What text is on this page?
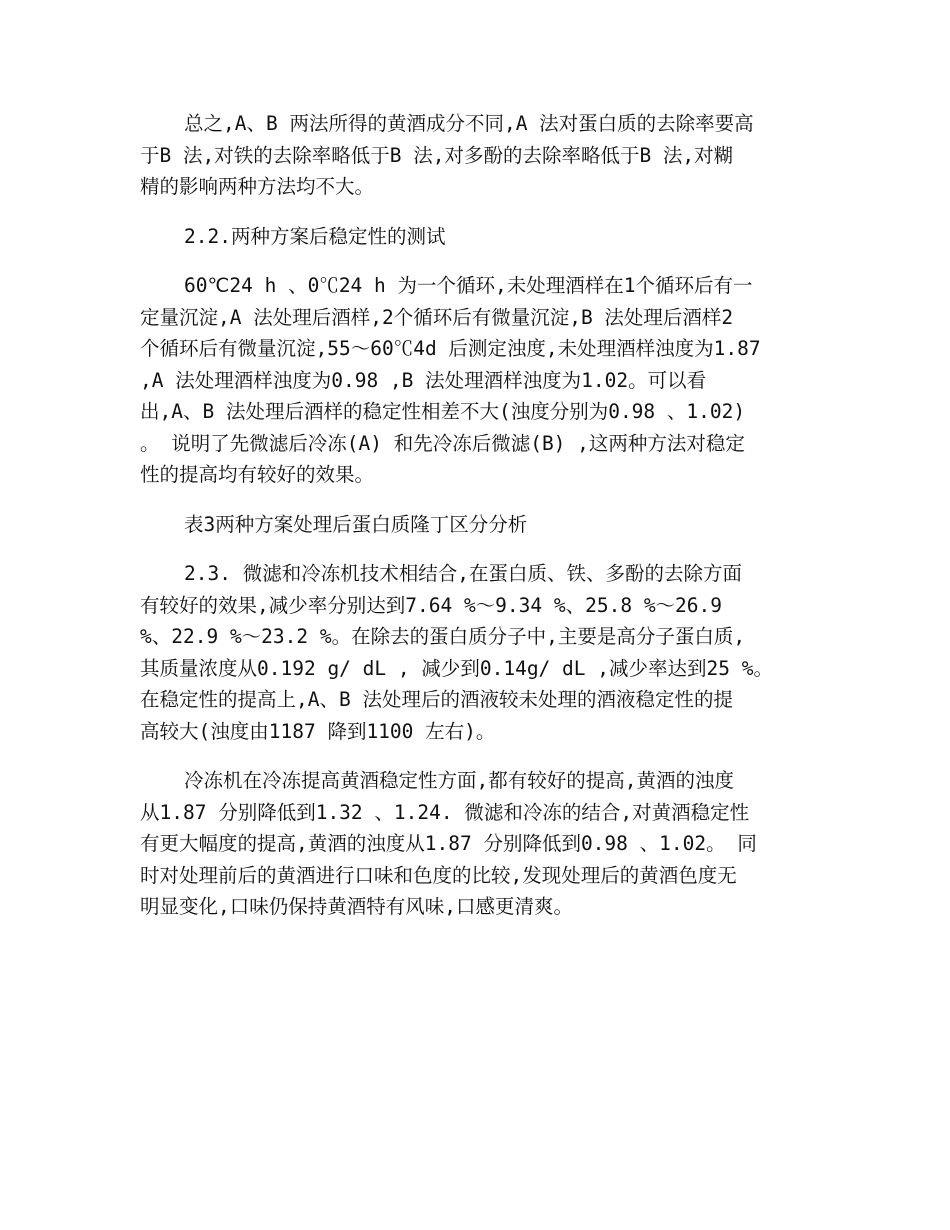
总之,A、B 两法所得的黄酒成分不同,A 法对蛋白质的去除率要高
于B 法,对铁的去除率略低于B 法,对多酚的去除率略低于B 法,对糊
精的影响两种方法均不大。
2.2.两种方案后稳定性的测试
60℃24 h 、0℃24 h 为一个循环,未处理酒样在1个循环后有一
定量沉淀,A 法处理后酒样,2个循环后有微量沉淀,B 法处理后酒样2
个循环后有微量沉淀,55～60℃4d 后测定浊度,未处理酒样浊度为1.87
,A 法处理酒样浊度为0.98 ,B 法处理酒样浊度为1.02。可以看
出,A、B 法处理后酒样的稳定性相差不大(浊度分别为0.98 、1.02)
。 说明了先微滤后冷冻(A) 和先冷冻后微滤(B) ,这两种方法对稳定
性的提高均有较好的效果。
表3两种方案处理后蛋白质隆丁区分分析
2.3. 微滤和冷冻机技术相结合,在蛋白质、铁、多酚的去除方面
有较好的效果,减少率分别达到7.64 %～9.34 %、25.8 %～26.9
%、22.9 %～23.2 %。在除去的蛋白质分子中,主要是高分子蛋白质,
其质量浓度从0.192 g/ dL , 减少到0.14g/ dL ,减少率达到25 %。
在稳定性的提高上,A、B 法处理后的酒液较未处理的酒液稳定性的提
高较大(浊度由1187 降到1100 左右)。
冷冻机在冷冻提高黄酒稳定性方面,都有较好的提高,黄酒的浊度
从1.87 分别降低到1.32 、1.24. 微滤和冷冻的结合,对黄酒稳定性
有更大幅度的提高,黄酒的浊度从1.87 分别降低到0.98 、1.02。 同
时对处理前后的黄酒进行口味和色度的比较,发现处理后的黄酒色度无
明显变化,口味仍保持黄酒特有风味,口感更清爽。
